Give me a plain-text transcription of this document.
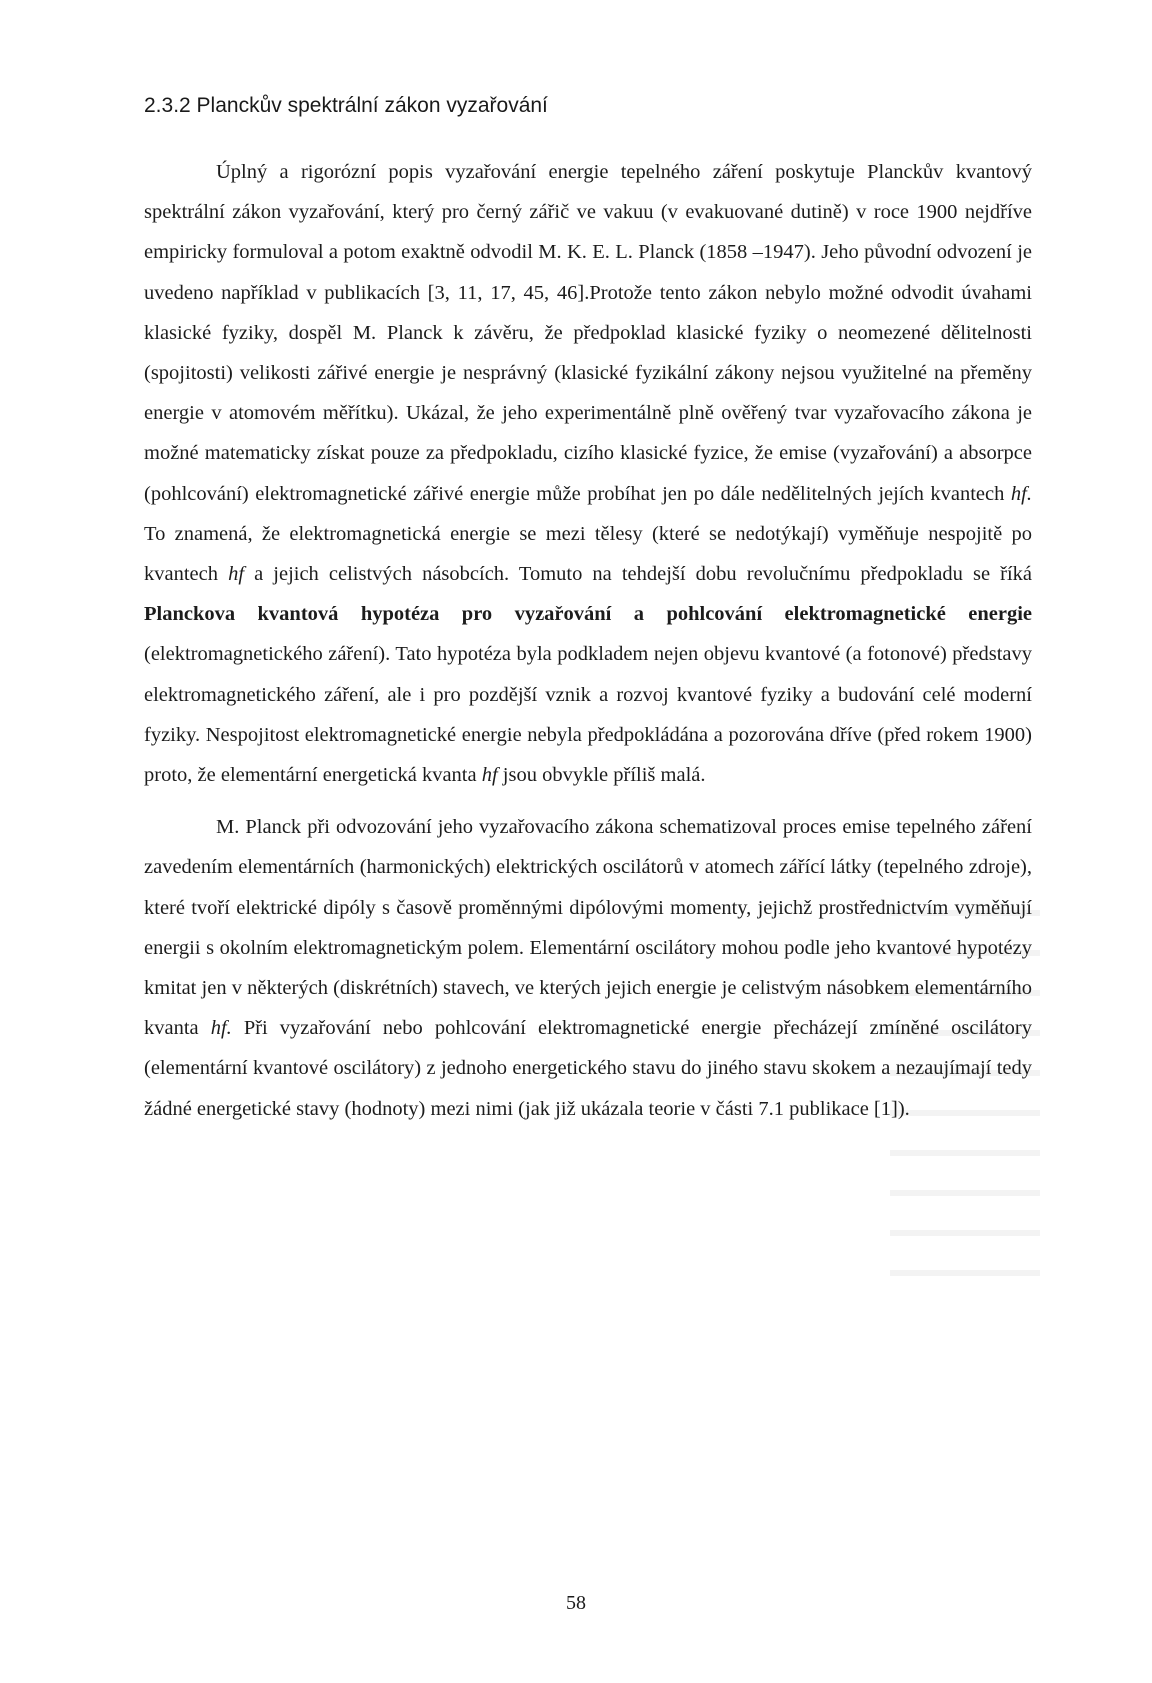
2.3.2 Planckův spektrální zákon vyzařování

Úplný a rigorózní popis vyzařování energie tepelného záření poskytuje Planckův kvantový spektrální zákon vyzařování, který pro černý zářič ve vakuu (v evakuované dutině) v roce 1900 nejdříve empiricky formuloval a potom exaktně odvodil M. K. E. L. Planck (1858 –1947). Jeho původní odvození je uvedeno například v publikacích [3, 11, 17, 45, 46].Protože tento zákon nebylo možné odvodit úvahami klasické fyziky, dospěl M. Planck k závěru, že předpoklad klasické fyziky o neomezené dělitelnosti (spojitosti) velikosti zářivé energie je nesprávný (klasické fyzikální zákony nejsou využitelné na přeměny energie v atomovém měřítku). Ukázal, že jeho experimentálně plně ověřený tvar vyzařovacího zákona je možné matematicky získat pouze za předpokladu, cizího klasické fyzice, že emise (vyzařování) a absorpce (pohlcování) elektromagnetické zářivé energie může probíhat jen po dále nedělitelných jejích kvantech hf. To znamená, že elektromagnetická energie se mezi tělesy (které se nedotýkají) vyměňuje nespojitě po kvantech hf a jejich celistvých násobcích. Tomuto na tehdejší dobu revolučnímu předpokladu se říká Planckova kvantová hypotéza pro vyzařování a pohlcování elektromagnetické energie (elektromagnetického záření). Tato hypotéza byla podkladem nejen objevu kvantové (a fotonové) představy elektromagnetického záření, ale i pro pozdější vznik a rozvoj kvantové fyziky a budování celé moderní fyziky. Nespojitost elektromagnetické energie nebyla předpokládána a pozorována dříve (před rokem 1900) proto, že elementární energetická kvanta hf jsou obvykle příliš malá.

M. Planck při odvozování jeho vyzařovacího zákona schematizoval proces emise tepelného záření zavedením elementárních (harmonických) elektrických oscilátorů v atomech zářící látky (tepelného zdroje), které tvoří elektrické dipóly s časově proměnnými dipólovými momenty, jejichž prostřednictvím vyměňují energii s okolním elektromagnetickým polem. Elementární oscilátory mohou podle jeho kvantové hypotézy kmitat jen v některých (diskrétních) stavech, ve kterých jejich energie je celistvým násobkem elementárního kvanta hf. Při vyzařování nebo pohlcování elektromagnetické energie přecházejí zmíněné oscilátory (elementární kvantové oscilátory) z jednoho energetického stavu do jiného stavu skokem a nezaujímají tedy žádné energetické stavy (hodnoty) mezi nimi (jak již ukázala teorie v části 7.1 publikace [1]).

58
